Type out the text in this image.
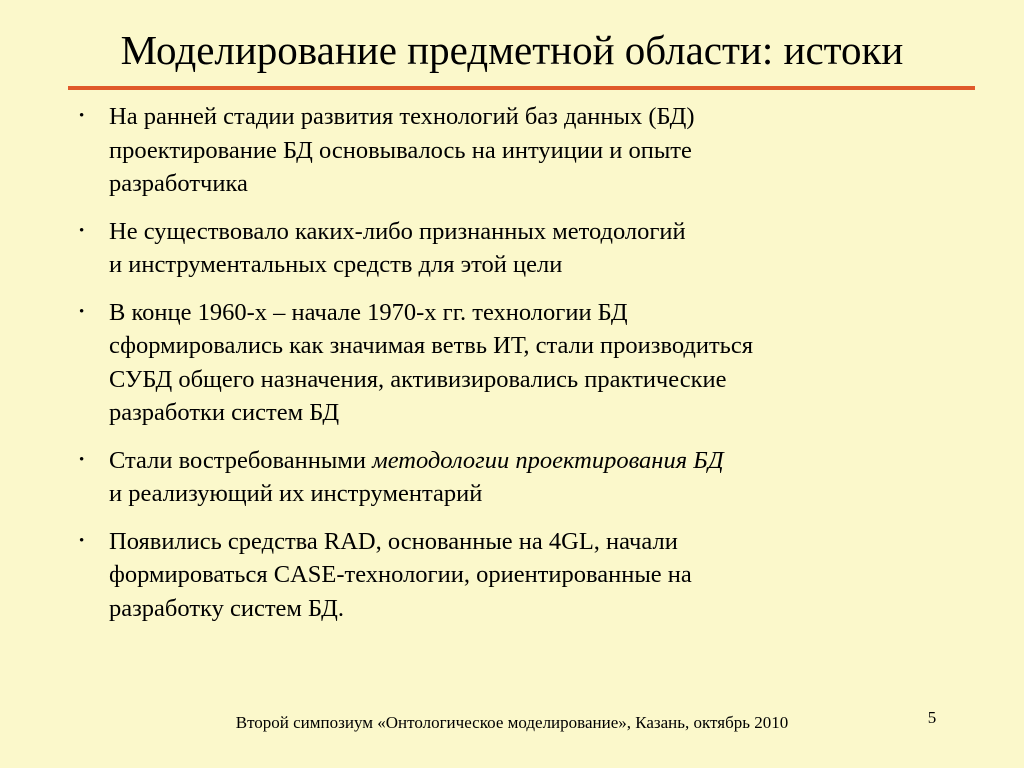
Моделирование предметной области: истоки
• На ранней стадии развития технологий баз данных (БД)
проектирование БД основывалось на интуиции и опыте
разработчика
• Не существовало каких-либо признанных методологий
и инструментальных средств для этой цели
• В конце 1960-х – начале 1970-х гг. технологии БД
сформировались как значимая ветвь ИТ, стали производиться
СУБД общего назначения, активизировались практические
разработки систем БД
• Стали востребованными методологии проектирования БД
и реализующий их инструментарий
• Появились средства RAD, основанные на 4GL, начали
формироваться CASE-технологии, ориентированные на
разработку систем БД.
Второй симпозиум «Онтологическое моделирование», Казань, октябрь 2010	5
